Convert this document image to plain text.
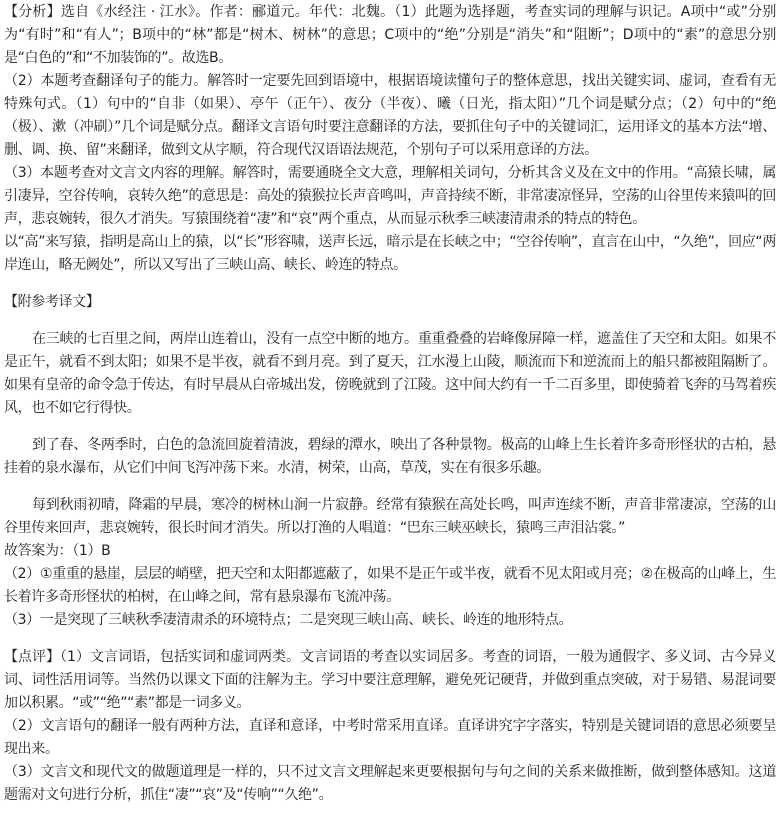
【分析】选自《水经注 · 江水》。作者：郦道元。年代：北魏。（1）此题为选择题，考查实词的理解与识记。A项中“或”分别为“有时”和“有人”；B项中的“林”都是“树木、树林”的意思；C项中的“绝”分别是“消失”和“阻断”；D项中的“素”的意思分别是“白色的”和“不加装饰的”。故选B。

（2）本题考查翻译句子的能力。解答时一定要先回到语境中，根据语境读懂句子的整体意思，找出关键实词、虚词，查看有无特殊句式。（1）句中的“自非（如果）、亭午（正午）、夜分（半夜）、曦（日光，指太阳）”几个词是赋分点；（2）句中的“绝（极）、漱（冲刷）”几个词是赋分点。翻译文言语句时要注意翻译的方法，要抓住句子中的关键词汇，运用译文的基本方法“增、删、调、换、留”来翻译，做到文从字顺，符合现代汉语语法规范，个别句子可以采用意译的方法。

（3）本题考查对文言文内容的理解。解答时，需要通晓全文大意，理解相关词句，分析其含义及在文中的作用。“高猿长啸，属引凄异，空谷传响，哀转久绝”的意思是：高处的猿猴拉长声音鸣叫，声音持续不断，非常凄凉怪异，空荡的山谷里传来猿叫的回声，悲哀婉转，很久才消失。写猿围绕着“凄”和“哀”两个重点，从而显示秋季三峡凄清肃杀的特点的特色。

以“高”来写猿，指明是高山上的猿，以“长”形容啸，送声长远，暗示是在长峡之中；“空谷传响”，直言在山中，“久绝”，回应“两岸连山，略无阙处”，所以又写出了三峡山高、峡长、岭连的特点。

【附参考译文】

在三峡的七百里之间，两岸山连着山，没有一点空中断的地方。重重叠叠的岩峰像屏障一样，遮盖住了天空和太阳。如果不是正午，就看不到太阳；如果不是半夜，就看不到月亮。到了夏天，江水漫上山陵，顺流而下和逆流而上的船只都被阻隔断了。如果有皇帝的命令急于传达，有时早晨从白帝城出发，傍晚就到了江陵。这中间大约有一千二百多里，即使骑着飞奔的马驾着疾风，也不如它行得快。

到了春、冬两季时，白色的急流回旋着清波，碧绿的潭水，映出了各种景物。极高的山峰上生长着许多奇形怪状的古柏，悬挂着的泉水瀑布，从它们中间飞泻冲荡下来。水清，树荣，山高，草茂，实在有很多乐趣。

每到秋雨初晴，降霜的早晨，寒冷的树林山涧一片寂静。经常有猿猴在高处长鸣，叫声连续不断，声音非常凄凉，空荡的山谷里传来回声，悲哀婉转，很长时间才消失。所以打渔的人唱道：“巴东三峡巫峡长，猿鸣三声泪沾裳。”

故答案为：（1）B

（2）①重重的悬崖，层层的峭壁，把天空和太阳都遮蔽了，如果不是正午或半夜，就看不见太阳或月亮；②在极高的山峰上，生长着许多奇形怪状的柏树，在山峰之间，常有悬泉瀑布飞流冲荡。

（3）一是突现了三峡秋季凄清肃杀的环境特点；二是突现三峡山高、峡长、岭连的地形特点。

【点评】（1）文言词语，包括实词和虚词两类。文言词语的考查以实词居多。考查的词语，一般为通假字、多义词、古今异义词、词性活用词等。当然仍以课文下面的注解为主。学习中要注意理解，避免死记硬背，并做到重点突破，对于易错、易混词要加以积累。“或”“绝”“素”都是一词多义。

（2）文言语句的翻译一般有两种方法，直译和意译，中考时常采用直译。直译讲究字字落实，特别是关键词语的意思必须要呈现出来。

（3）文言文和现代文的做题道理是一样的，只不过文言文理解起来更要根据句与句之间的关系来做推断，做到整体感知。这道题需对文句进行分析，抓住“凄”“哀”及“传响”“久绝”。
